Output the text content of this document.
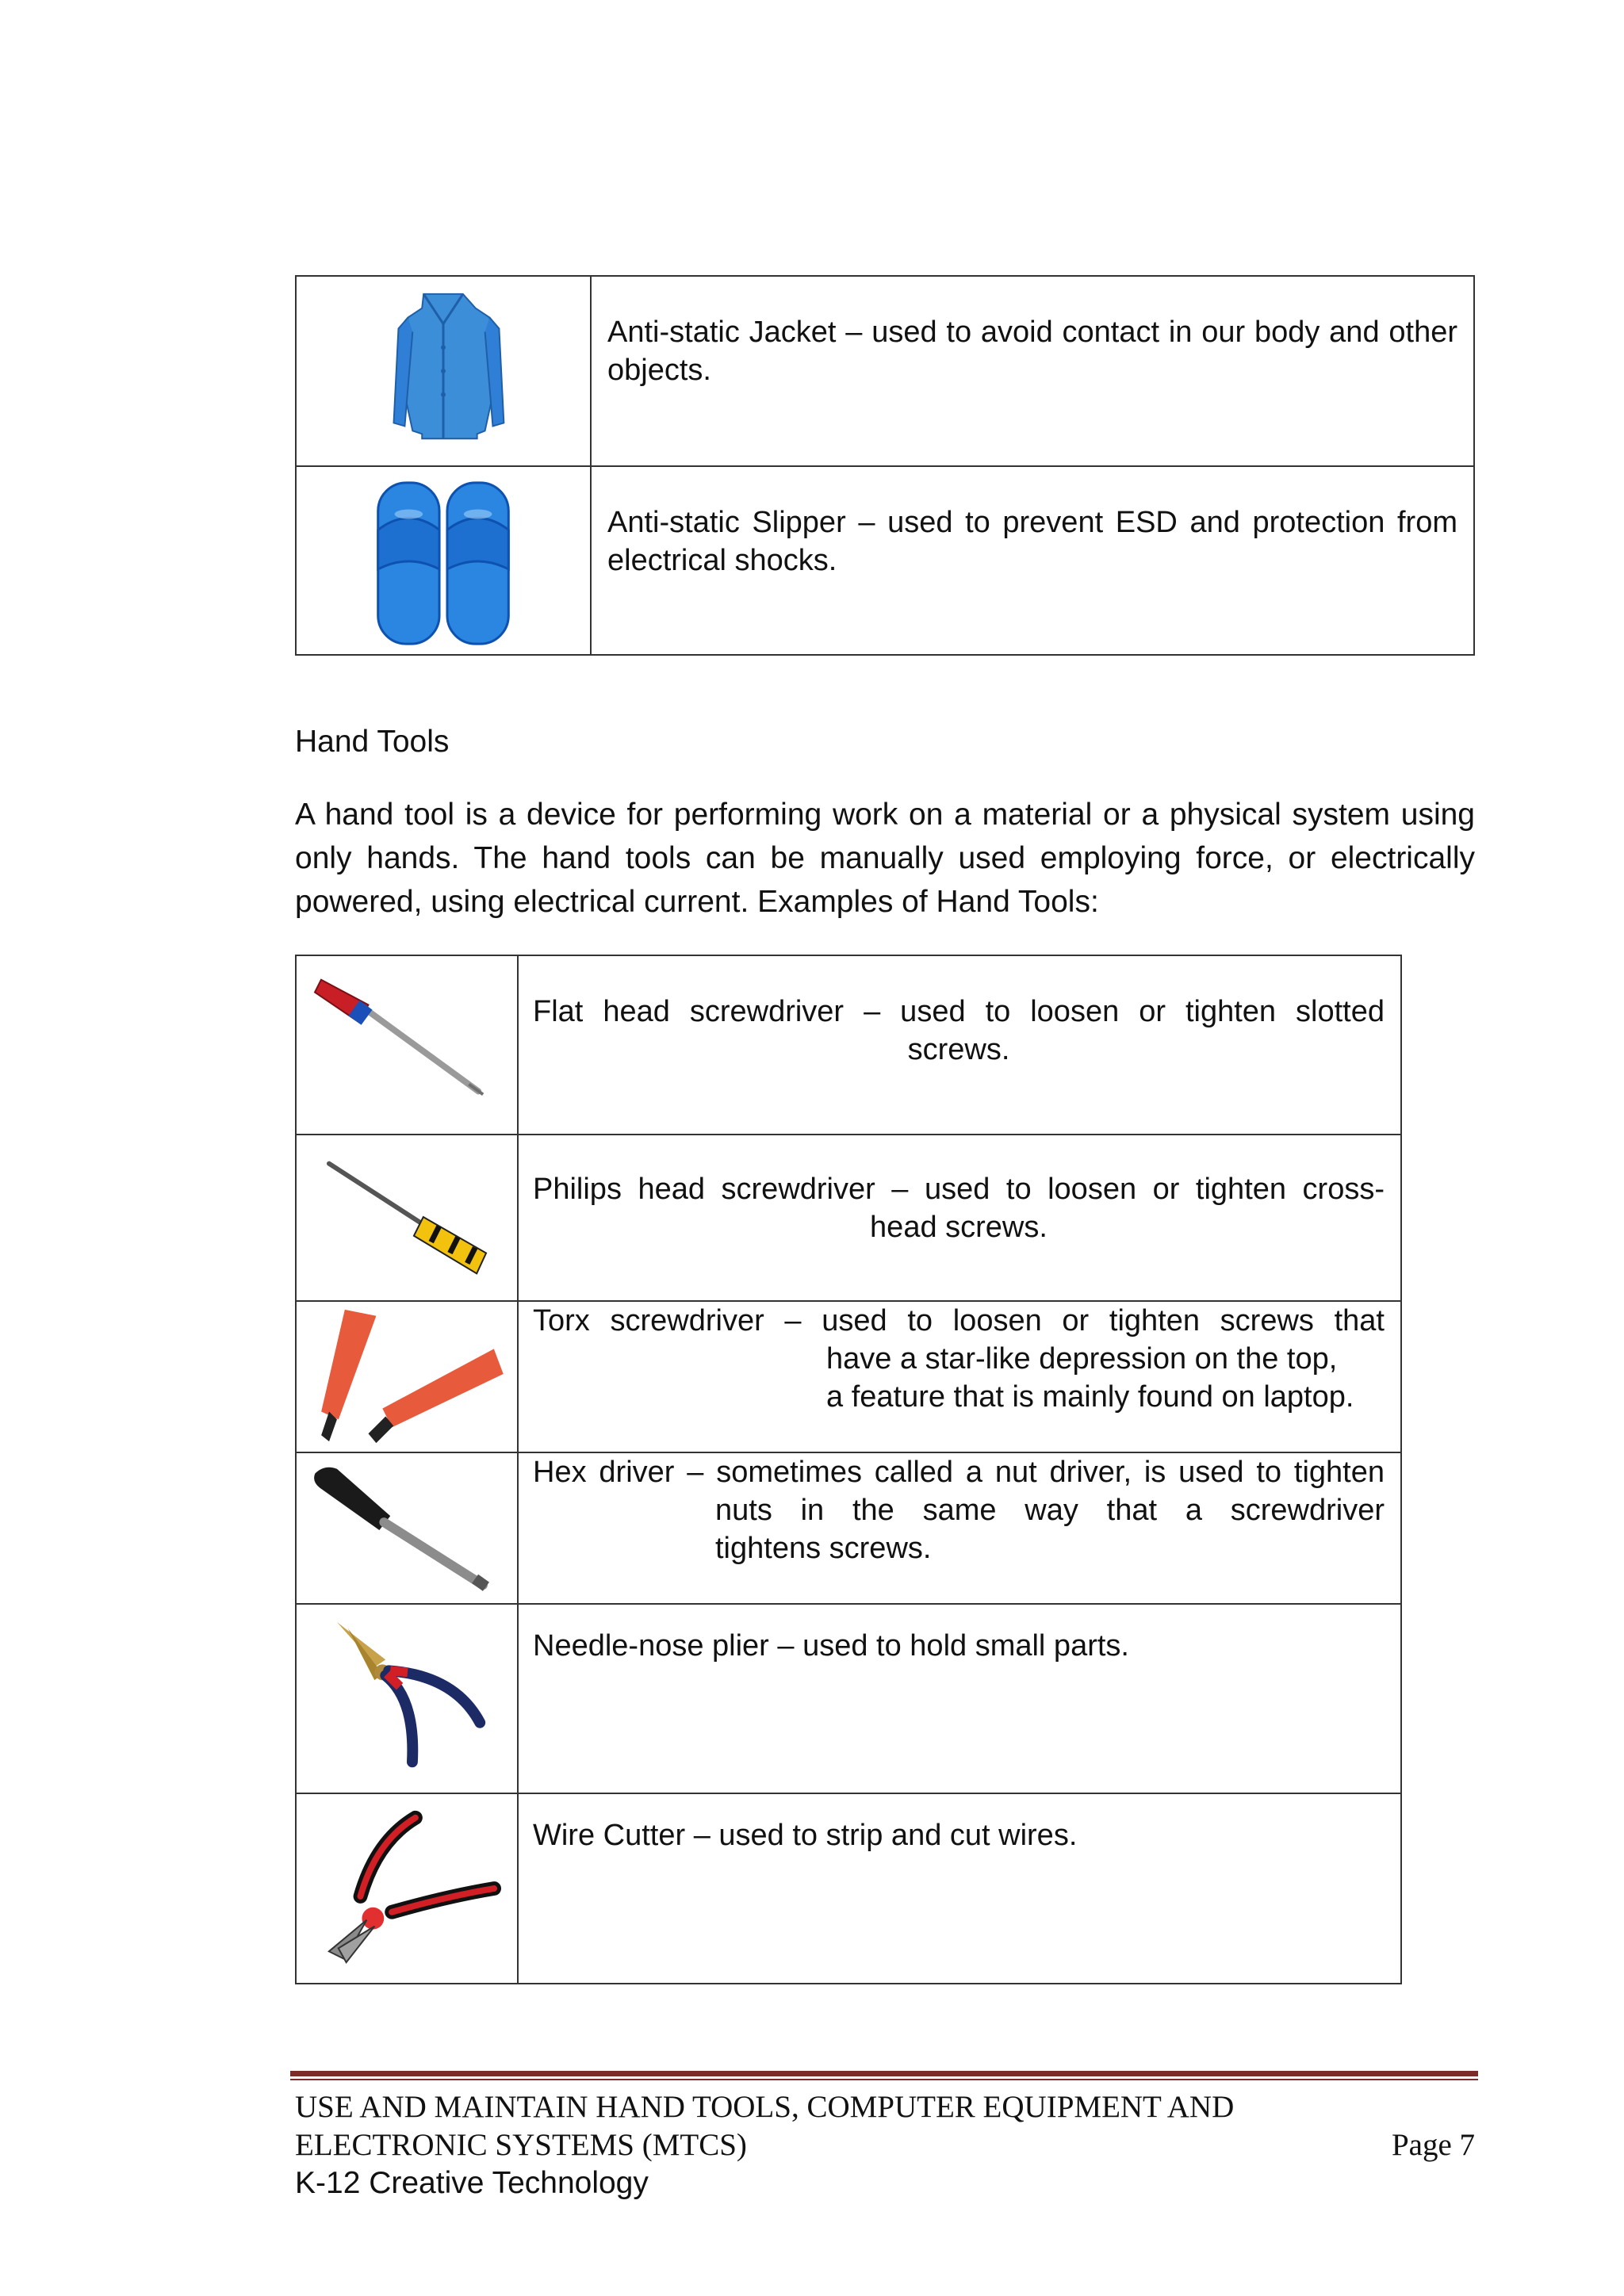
	Anti-static Jacket – used to avoid contact in our body and other objects.

	Anti-static Slipper – used to prevent ESD and protection from electrical shocks.
Hand Tools
A hand tool is a device for performing work on a material or a physical system using only hands. The hand tools can be manually used employing force, or electrically powered, using electrical current. Examples of Hand Tools:

Flat head screwdriver – used to loosen or tighten slotted
screws.

Philips head screwdriver – used to loosen or tighten cross-
head screws.

Torx screwdriver – used to loosen or tighten screws that
have a star-like depression on the top,
a feature that is mainly found on laptop.

Hex driver – sometimes called a nut driver, is used to tighten
nuts in the same way that a screwdriver
tightens screws.

	Needle-nose plier – used to hold small parts.

	Wire Cutter – used to strip and cut wires.
USE AND MAINTAIN HAND TOOLS, COMPUTER EQUIPMENT AND
ELECTRONIC SYSTEMS (MTCS)	Page 7
K-12 Creative Technology
